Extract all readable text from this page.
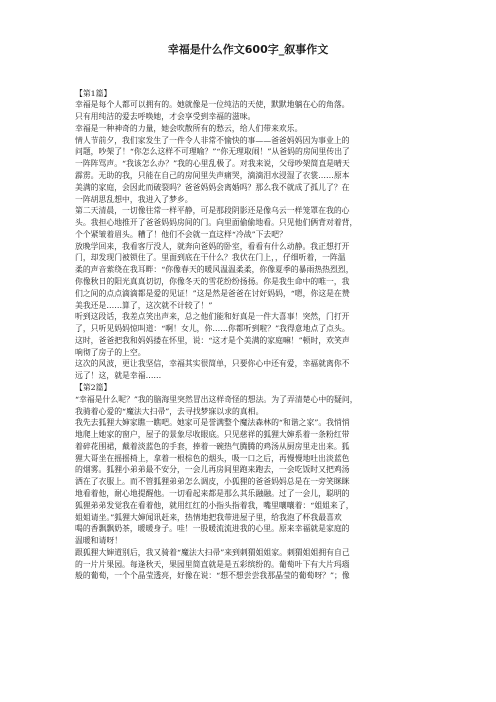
幸福是什么作文600字_叙事作文
【第1篇】
幸福是每个人都可以拥有的。她就像是一位纯洁的天使，默默地躺在心的角落。
只有用纯洁的爱去呼唤她，才会享受到幸福的滋味。
幸福是一种神奇的力量，她会吹散所有的愁云，给人们带来欢乐。
情人节前夕，我们家发生了一件令人非常不愉快的事——爸爸妈妈因为事业上的
问题，吵架了！“你怎么这样不可理喻？”“你无理取闹！”从爸妈的房间里传出了
一阵阵骂声。“我该怎么办？”我的心里乱极了。对我来说，父母吵架简直是晴天
霹雳。无助的我，只能在自己的房间里失声痛哭，滴滴泪水浸湿了衣裳……原本
美满的家庭，会因此而破裂吗？爸爸妈妈会离婚吗？那么我不就成了孤儿了？在
一阵胡思乱想中，我进入了梦乡。
第二天清晨，一切像往常一样平静，可是那段阴影还是像乌云一样笼罩在我的心
头。我担心地推开了爸爸妈妈房间的门。向里面偷偷地看。只见他们俩背对着背，
个个紧皱着眉头。糟了！他们不会就一直这样“冷战”下去吧？
放晚学回来，我看客厅没人，就奔向爸妈的卧室，看看有什么动静。我正想打开
门，却发现门被锁住了。里面到底在干什么？我伏在门上，，仔细听着，一阵温
柔的声音萦绕在我耳畔：“你像春天的暖风温温柔柔，你像夏季的暴雨热热烈烈，
你像秋日的阳光真真切切，你像冬天的雪花纷纷扬扬。你是我生命中的唯一，我
们之间的点点滴滴都是爱的见证！”这是然是爸爸在讨好妈妈，“嗯，你这是在赞
美我还是……算了，这次就不计较了！”
听到这段话，我差点笑出声来，总之他们能和好真是一件大喜事！突然，门打开
了，只听见妈妈惊叫道：“啊！女儿，你……你都听到啦？”我得意地点了点头。
这时，爸爸把我和妈妈搂在怀里，说：“这才是个美满的家庭嘛！”顿时，欢笑声
响彻了房子的上空。
这次的风波，更让我坚信，幸福其实很简单，只要你心中还有爱，幸福就离你不
远了！这，就是幸福……
【第2篇】
“幸福是什么呢？”我的脑海里突然冒出这样奇怪的想法。为了弄清楚心中的疑问，
我骑着心爱的“魔法大扫帚”，去寻找梦寐以求的真相。
我先去狐狸大婶家瞧一瞧吧。她家可是誉满整个魔法森林的“和谐之家”。我悄悄
地爬上她家的窗户，屋子的景象尽收眼底。只见慈祥的狐狸大婶系着一条粉红带
着碎花围裙，戴着淡蓝色的手套，捧着一碗热气腾腾的鸡汤从厨房里走出来。狐
狸大哥坐在摇摇椅上，拿着一根棕色的烟头，吸一口之后，再慢慢地吐出淡蓝色
的烟雾。狐狸小弟弟最不安分，一会儿再房间里跑来跑去，一会吃饭时又把鸡汤
洒在了衣服上。而不管狐狸弟弟怎么调皮，小狐狸的爸爸妈妈总是在一旁笑眯眯
地看着他，耐心地提醒他。一切看起来都是那么其乐融融。过了一会儿，聪明的
狐狸弟弟发觉我在看着他，就用红红的小指头指着我，嘴里嚷嚷着：“姐姐来了，
姐姐请坐。”狐狸大婶闻讯赶来，热情地把我带进屋子里，给我泡了杯我最喜欢
喝的香飘飘奶茶，暖暖身子。哇！一股暖流流进我的心里。原来幸福就是家庭的
温暖和请呀！
跟狐狸大婶道别后，我又骑着“魔法大扫帚”来到刺猬姐姐家。刺猬姐姐拥有自己
的一片片果园。每逢秋天，果园里简直就是是五彩缤纷的。葡萄叶下有大片玛瑙
般的葡萄，一个个晶莹透亮，好像在说：“想不想尝尝我那晶莹的葡萄呀？”；像
